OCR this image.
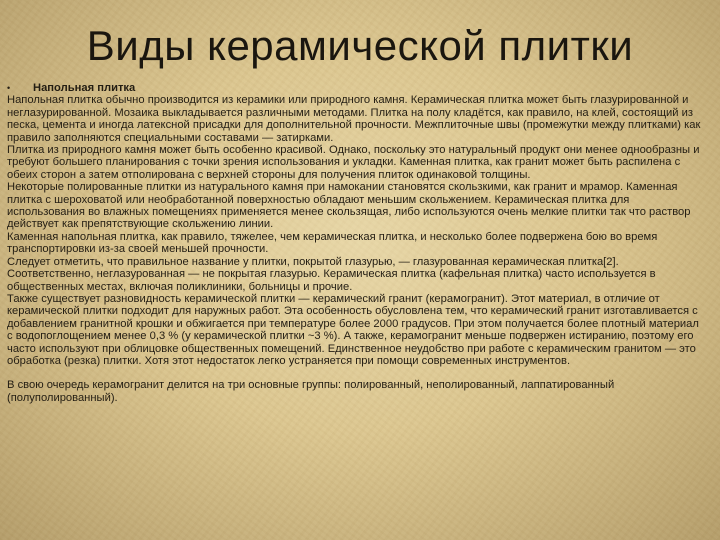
Виды керамической плитки
•	Напольная плитка

Напольная плитка обычно производится из керамики или природного камня. Керамическая плитка может быть глазурированной и неглазурированной. Мозаика выкладывается различными методами. Плитка на полу кладётся, как правило, на клей, состоящий из песка, цемента и иногда латексной присадки для дополнительной прочности. Межплиточные швы (промежутки между плитками) как правило заполняются специальными составами — затирками.

Плитка из природного камня может быть особенно красивой. Однако, поскольку это натуральный продукт они менее однообразны и требуют большего планирования с точки зрения использования и укладки. Каменная плитка, как гранит может быть распилена с обеих сторон а затем отполирована с верхней стороны для получения плиток одинаковой толщины.

Некоторые полированные плитки из натурального камня при намокании становятся скользкими, как гранит и мрамор. Каменная плитка с шероховатой или необработанной поверхностью обладают меньшим скольжением. Керамическая плитка для использования во влажных помещениях применяется менее скользящая, либо используются очень мелкие плитки так что раствор действует как препятствующие скольжению линии.

Каменная напольная плитка, как правило, тяжелее, чем керамическая плитка, и несколько более подвержена бою во время транспортировки из-за своей меньшей прочности.

Следует отметить, что правильное название у плитки, покрытой глазурью, — глазурованная керамическая плитка[2]. Соответственно, неглазурованная — не покрытая глазурью. Керамическая плитка (кафельная плитка) часто используется в общественных местах, включая поликлиники, больницы и прочие.

Также существует разновидность керамической плитки — керамический гранит (керамогранит). Этот материал, в отличие от керамической плитки подходит для наружных работ. Эта особенность обусловлена тем, что керамический гранит изготавливается с добавлением гранитной крошки и обжигается при температуре более 2000 градусов. При этом получается более плотный материал с водопоглощением менее 0,3 % (у керамической плитки ~3 %). А также, керамогранит меньше подвержен истиранию, поэтому его часто используют при облицовке общественных помещений. Единственное неудобство при работе с керамическим гранитом — это обработка (резка) плитки. Хотя этот недостаток легко устраняется при помощи современных инструментов.

В свою очередь керамогранит делится на три основные группы: полированный, неполированный, лаппатированный (полуполированный).
